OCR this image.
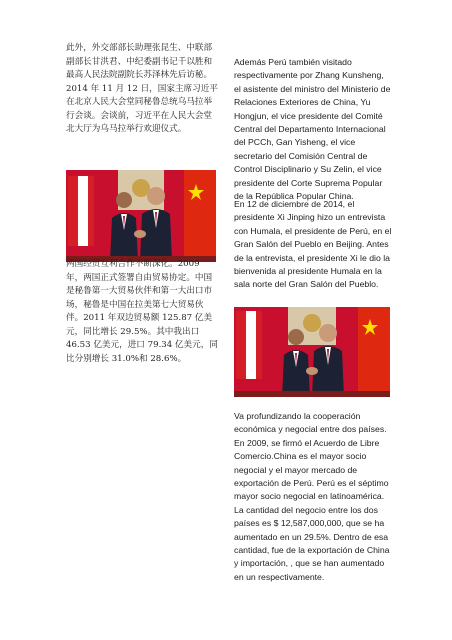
此外，外交部部长助理张昆生、中联部副部长甘洪君、中纪委副书记千以胜和最高人民法院副院长苏泽林先后访秘。

2014 年 11 月 12 日，国家主席习近平在北京人民大会堂同秘鲁总统乌马拉举行会谈。会谈前，习近平在人民大会堂北大厅为乌马拉举行欢迎仪式。

两国经贸互利合作不断深化。2009 年，两国正式签署自由贸易协定。中国是秘鲁第一大贸易伙伴和第一大出口市场，秘鲁是中国在拉美第七大贸易伙伴。2011 年双边贸易额 125.87 亿美元，同比增长 29.5%。其中我出口 46.53 亿美元，进口 79.34 亿美元，同比分别增长 31.0%和 28.6%。

Además Perú también visitado respectivamente por Zhang Kunsheng, el asistente del ministro del Ministerio de Relaciones Exteriores de China, Yu Hongjun, el vice presidente del Comité Central del Departamento Internacional del PCCh, Gan Yisheng, el vice secretario del Comisión Central de Control Disciplinario y Su Zelin, el vice presidente del Corte Suprema Popular de la República Popular China.

En 12 de diciembre de 2014, el presidente Xi Jinping hizo un entrevista con Humala, el presidente de Perú, en el Gran Salón del Pueblo en Beijing. Antes de la entrevista, el presidente Xi le dio la bienvenida al presidente Humala en la sala norte del Gran Salón del Pueblo.

Va profundizando la cooperación económica y negocial entre dos países. En 2009, se firmó el Acuerdo de Libre Comercio.China es el mayor socio negocial y el mayor mercado de exportación de Perú. Perú es el séptimo mayor socio negocial en latinoamérica. La cantidad del negocio entre los dos países es $ 12,587,000,000, que se ha aumentado en un 29.5%. Dentro de esa cantidad, fue de la exportación de China y importación, , que se han aumentado en un respectivamente.
